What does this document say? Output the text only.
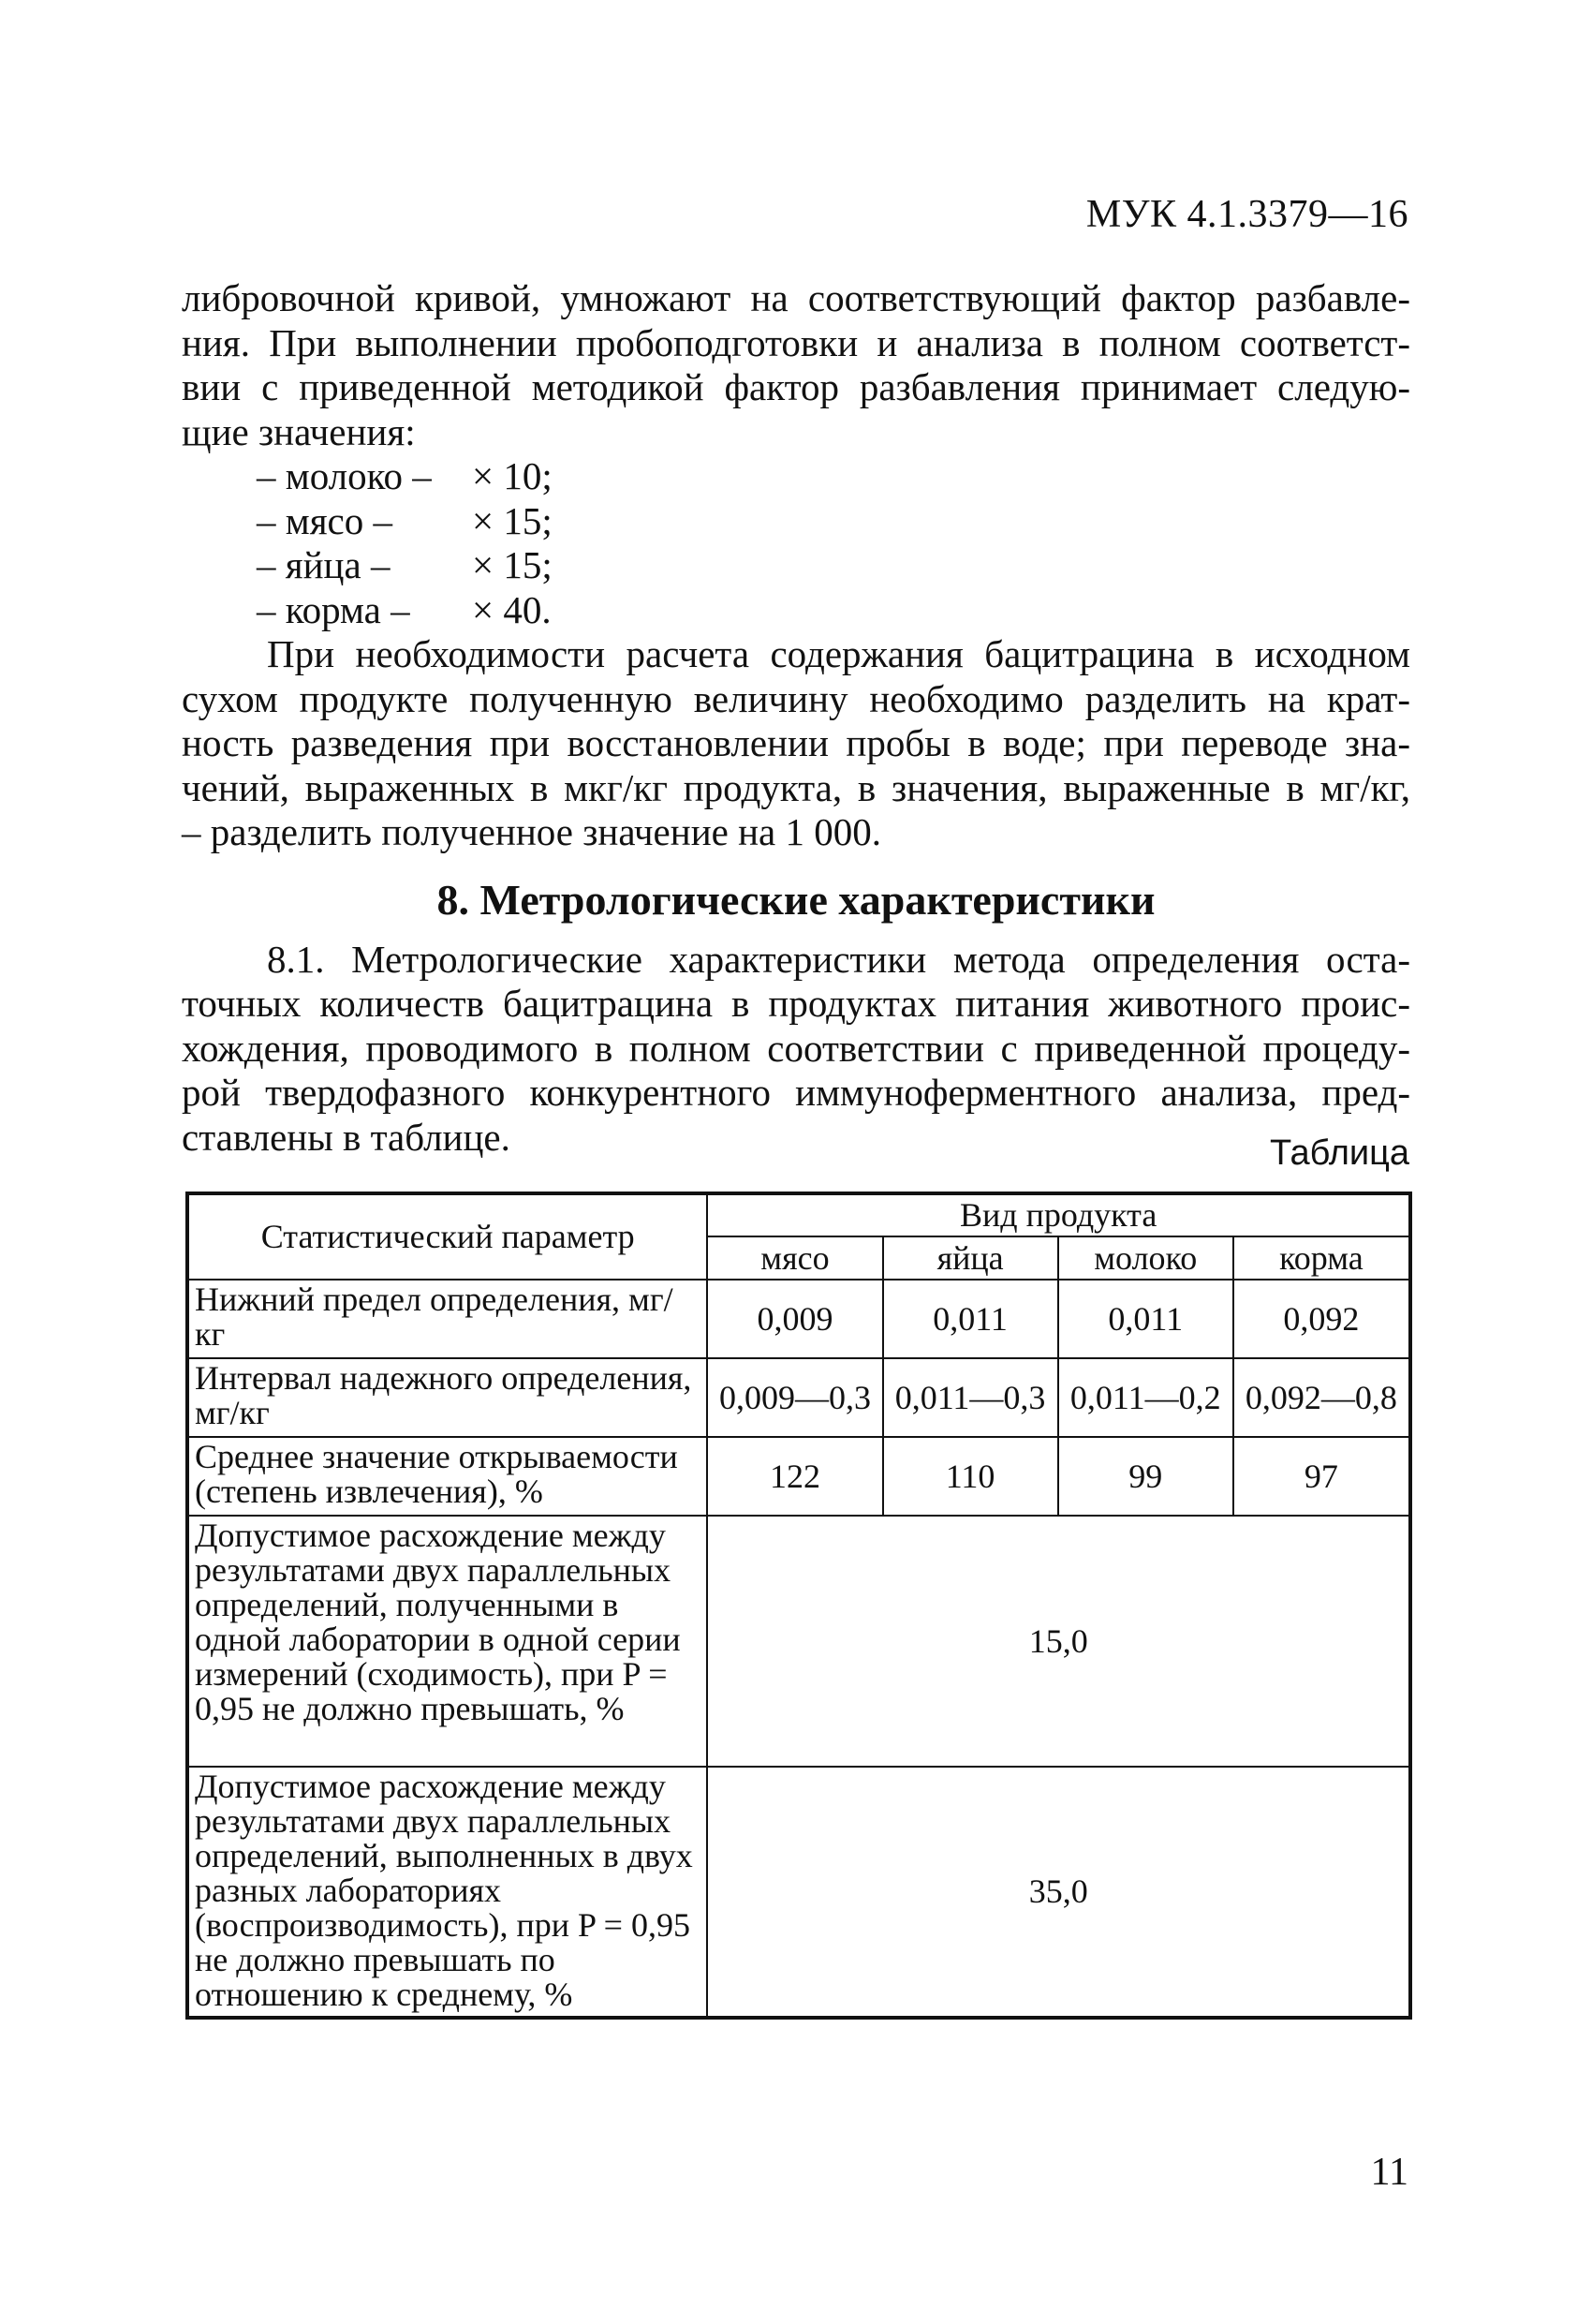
МУК 4.1.3379—16

либровочной кривой, умножают на соответствующий фактор разбавле-
ния. При выполнении пробоподготовки и анализа в полном соответст-
вии с приведенной методикой фактор разбавления принимает следую-
щие значения:

– молоко –	× 10;
– мясо –	× 15;
– яйца –	× 15;
– корма –	× 40.

При необходимости расчета содержания бацитрацина в исходном
сухом продукте полученную величину необходимо разделить на крат-
ность разведения при восстановлении пробы в воде; при переводе зна-
чений, выраженных в мкг/кг продукта, в значения, выраженные в мг/кг,
– разделить полученное значение на 1 000.

8. Метрологические характеристики

8.1. Метрологические характеристики метода определения оста-
точных количеств бацитрацина в продуктах питания животного проис-
хождения, проводимого в полном соответствии с приведенной процеду-
рой твердофазного конкурентного иммуноферментного анализа, пред-
ставлены в таблице.	Таблица
Статистический параметр	Вид продукта			
	мясо	яйца	молоко	корма
Нижний предел определения, мг/кг	0,009	0,011	0,011	0,092
Интервал надежного определения, мг/кг	0,009—0,3	0,011—0,3	0,011—0,2	0,092—0,8
Среднее значение открываемости (степень извлечения), %	122	110	99	97
Допустимое расхождение между результатами двух параллельных определений, полученными в одной лаборатории в одной серии измерений (сходимость), при P = 0,95 не должно превышать, %	15,0			
Допустимое расхождение между результатами двух параллельных определений, выполненных в двух разных лабораториях (воспроизводимость), при P = 0,95 не должно превышать по отношению к среднему, %	35,0			
11
